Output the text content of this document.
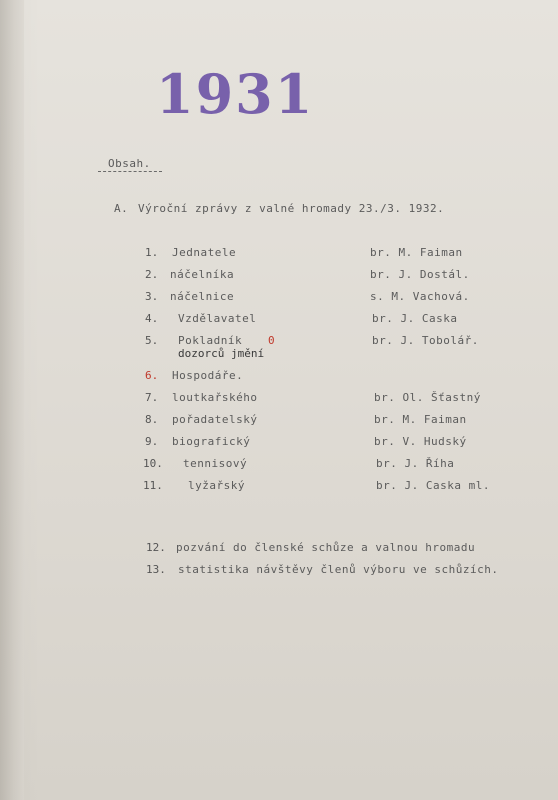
1931
Obsah.
A. Výroční zprávy z valné hromady 23./3. 1932.
1. Jednatele	br. M. Faiman
2. náčelníka	br. J. Dostál.
3. náčelnice	s. M. Vachová.
4. Vzdělavatel	br. J. Caska
5. Pokladník 0	br. J. Tobolář.
dozorců jmění
6. Hospodáře.
7. loutkařského	br. Ol. Šťastný
8. pořadatelský	br. M. Faiman
9. biografický	br. V. Hudský
10. tennisový	br. J. Říha
11. lyžařský	br. J. Caska ml.
12. pozvání do členské schůze a valnou hromadu
13. statistika návštěvy členů výboru ve schůzích.
